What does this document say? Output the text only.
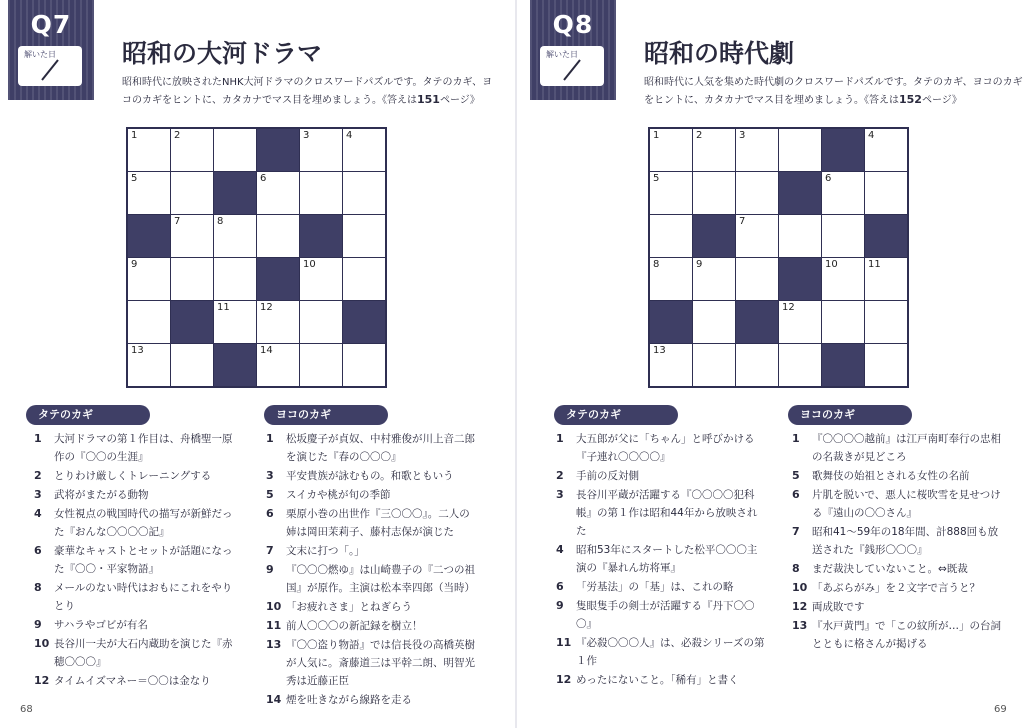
Q7
解いた日	昭和の大河ドラマ
昭和時代に放映されたNHK大河ドラマのクロスワードパズルです。タテのカギ、ヨコのカギをヒントに、カタカナでマス目を埋めましょう。《答えは151ページ》
1	2	3	4
5	6
7	8
9	10
11	12
13	14
タテのカギ
1	大河ドラマの第１作目は、舟橋聖一原作の『〇〇の生涯』
2	とりわけ厳しくトレーニングする
3	武将がまたがる動物
4	女性視点の戦国時代の描写が新鮮だった『おんな〇〇〇〇記』
6	豪華なキャストとセットが話題になった『〇〇・平家物語』
8	メールのない時代はおもにこれをやりとり
9	サハラやゴビが有名
10 長谷川一夫が大石内蔵助を演じた『赤穂〇〇〇』
12 タイムイズマネー＝〇〇は金なり
ヨコのカギ
1	松坂慶子が貞奴、中村雅俊が川上音二郎を演じた『春の〇〇〇』
3	平安貴族が詠むもの。和歌ともいう
5	スイカや桃が旬の季節
6	栗原小巻の出世作『三〇〇〇』。二人の姉は岡田茉莉子、藤村志保が演じた
7	文末に打つ「。」
9	『〇〇〇燃ゆ』は山崎豊子の『二つの祖国』が原作。主演は松本幸四郎（当時）
10 「お疲れさま」とねぎらう
11 前人〇〇〇の新記録を樹立！
13 『〇〇盗り物語』では信長役の高橋英樹が人気に。斎藤道三は平幹二朗、明智光秀は近藤正臣
14 煙を吐きながら線路を走る
68
Q8
解いた日	昭和の時代劇
昭和時代に人気を集めた時代劇のクロスワードパズルです。タテのカギ、ヨコのカギをヒントに、カタカナでマス目を埋めましょう。《答えは152ページ》
1	2	3	4
5	6
7
8	9	10	11
12
13
タテのカギ
1	大五郎が父に「ちゃん」と呼びかける『子連れ〇〇〇〇』
2	手前の反対側
3	長谷川平蔵が活躍する『〇〇〇〇犯科帳』の第１作は昭和44年から放映された
4	昭和53年にスタートした松平〇〇〇主演の『暴れん坊将軍』
6	「労基法」の「基」は、これの略
9	隻眼隻手の剣士が活躍する『丹下〇〇〇』
11 『必殺〇〇〇人』は、必殺シリーズの第１作
12 めったにないこと。「稀有」と書く
ヨコのカギ
1	『〇〇〇〇越前』は江戸南町奉行の忠相の名裁きが見どころ
5	歌舞伎の始祖とされる女性の名前
6	片肌を脱いで、悪人に桜吹雪を見せつける『遠山の〇〇さん』
7	昭和41～59年の18年間、計888回も放送された『銭形〇〇〇』
8	まだ裁決していないこと。⇔既裁
10 「あぶらがみ」を２文字で言うと？
12 両成敗です
13 『水戸黄門』で「この紋所が…」の台詞とともに格さんが掲げる
69
